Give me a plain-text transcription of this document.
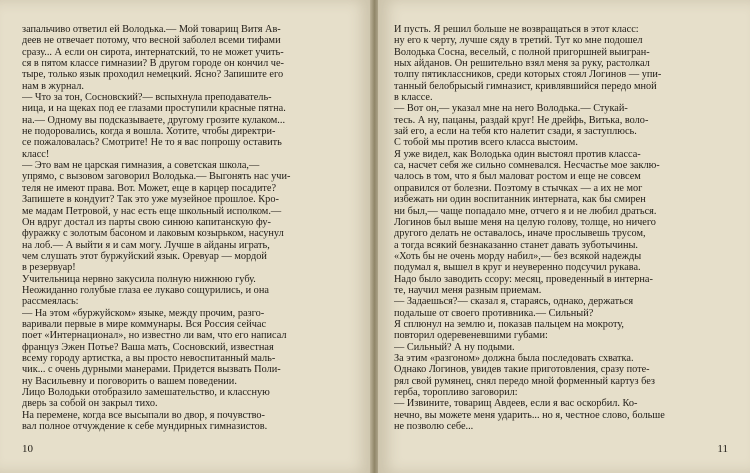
запальчиво ответил ей Володька.— Мой товарищ Витя Ав-
деев не отвечает потому, что весной заболел всеми тифами
сразу... А если он сирота, интернатский, то не может учить-
ся в пятом классе гимназии? В другом городе он кончил че-
тыре, только язык проходил немецкий. Ясно? Запишите его
нам в журнал.
— Что за тон, Сосновский?— вспыхнула преподаватель-
ница, и на щеках под ее глазами проступили красные пятна.
на.— Одному вы подсказываете, другому грозите кулаком...
не подоровались, когда я вошла. Хотите, чтобы директри-
се пожаловалась? Смотрите! Не то я вас попрошу оставить
класс!
— Это вам не царская гимназия, а советская школа,—
упрямо, с вызовом заговорил Володька.— Выгонять нас учи-
теля не имеют права. Вот. Может, еще в карцер посадите?
Запишете в кондуит? Так это уже музейное прошлое. Кро-
ме мадам Петровой, у нас есть еще школьный исполком.—
Он вдруг достал из парты свою синюю капитанскую фу-
фуражку с золотым басоном и лаковым козырьком, насунул
на лоб.— А выйти я и сам могу. Лучше в айданы играть,
чем слушать этот буржуйский язык. Оревуар — мордой
в резервуар!
Учительница нервно закусила полную нижнюю губу.
Неожиданно голубые глаза ее лукаво сощурились, и она
рассмеялась:
— На этом «буржуйском» языке, между прочим, разго-
варивали первые в мире коммунары. Вся Россия сейчас
поет «Интернационал», но известно ли вам, что его написал
француз Эжен Потье? Ваша мать, Сосновский, известная
всему городу артистка, а вы просто невоспитанный маль-
чик... с очень дурными манерами. Придется вызвать Поли-
ну Васильевну и поговорить о вашем поведении.
Лицо Володьки отобразило замешательство, и классную
дверь за собой он закрыл тихо.
На перемене, когда все высыпали во двор, я почувство-
вал полное отчуждение к себе мундирных гимназистов.
10
И пусть. Я решил больше не возвращаться в этот класс:
ну его к черту, лучше сяду в третий. Тут ко мне подошел
Володька Сосна, веселый, с полной пригоршней выигран-
ных айданов. Он решительно взял меня за руку, растолкал
толпу пятиклассников, среди которых стоял Логинов — упи-
танный белобрысый гимназист, кривлявшийся передо мной
в классе.
— Вот он,— указал мне на него Володька.— Стукай-
тесь. А ну, пацаны, раздай круг! Не дрейфь, Витька, воло-
зай его, а если на тебя кто налетит сзади, я заступлюсь.
С тобой мы против всего класса выстоим.
Я уже видел, как Володька один выстоял против класса-
са, насчет себя же сильно сомневался. Несчастье мое заклю-
чалось в том, что я был маловат ростом и еще не совсем
оправился от болезни. Поэтому в стычках — а их не мог
избежать ни один воспитанник интерната, как бы смирен
ни был,— чаще попадало мне, отчего я и не любил драться.
Логинов был выше меня на целую голову, толще, но ничего
другого делать не оставалось, иначе прослывешь трусом,
а тогда всякий безнаказанно станет давать зуботычины.
«Хоть бы не очень морду набил»,— без всякой надежды
подумал я, вышел в круг и неуверенно подсучил рукава.
Надо было заводить ссору: месяц, проведенный в интерна-
те, научил меня разным приемам.
— Задаешься?— сказал я, стараясь, однако, держаться
подальше от своего противника.— Сильный?
Я сплюнул на землю и, показав пальцем на мокроту,
повторил одеревеневшими губами:
— Сильный? А ну подыми.
За этим «разгоном» должна была последовать схватка.
Однако Логинов, увидев такие приготовления, сразу поте-
рял свой румянец, снял передо мной форменный картуз без
герба, торопливо заговорил:
— Извините, товарищ Авдеев, если я вас оскорбил. Ко-
нечно, вы можете меня ударить... но я, честное слово, больше
не позволю себе...
11
